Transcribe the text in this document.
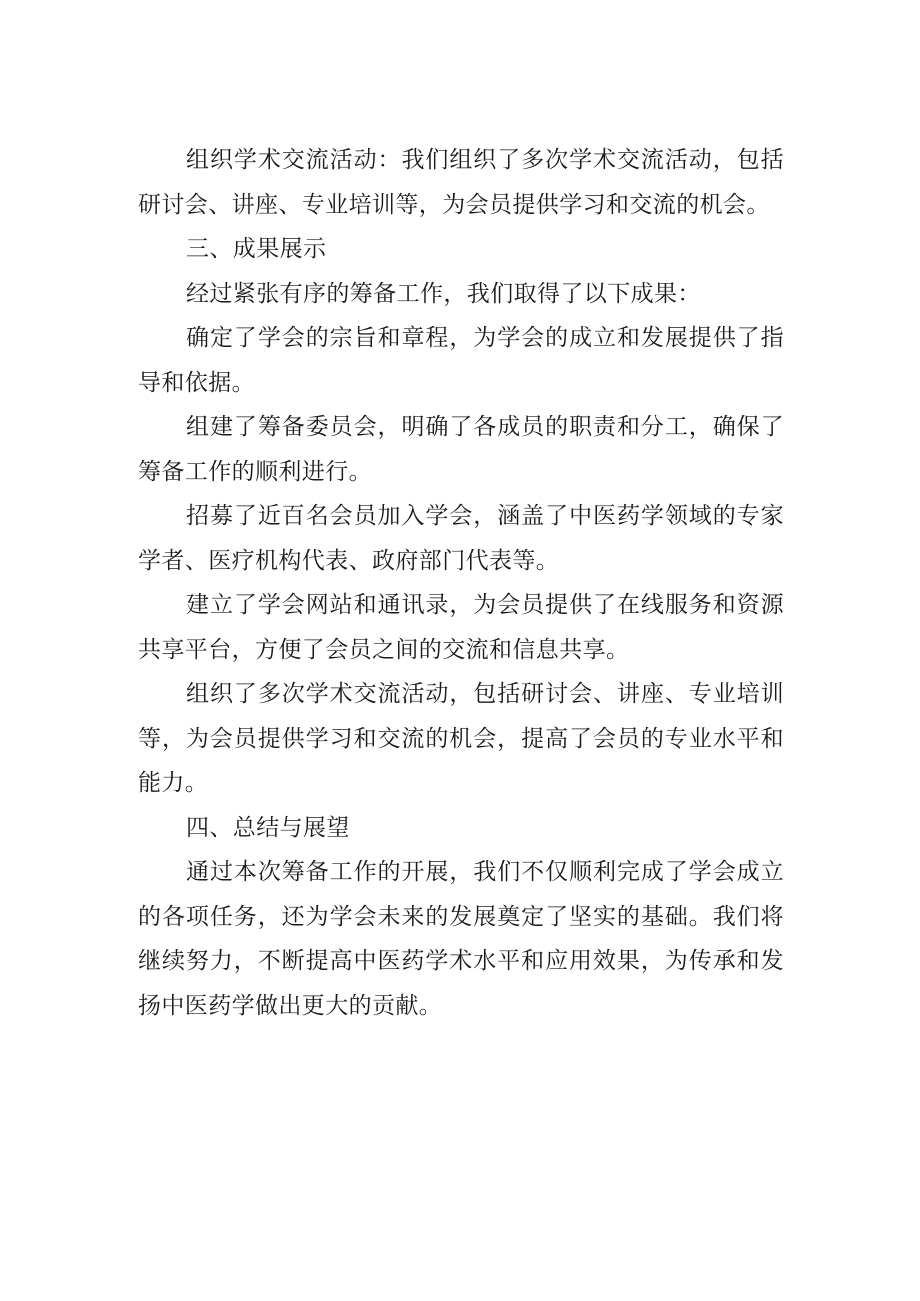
组织学术交流活动：我们组织了多次学术交流活动，包括研讨会、讲座、专业培训等，为会员提供学习和交流的机会。

三、成果展示

经过紧张有序的筹备工作，我们取得了以下成果：

确定了学会的宗旨和章程，为学会的成立和发展提供了指导和依据。

组建了筹备委员会，明确了各成员的职责和分工，确保了筹备工作的顺利进行。

招募了近百名会员加入学会，涵盖了中医药学领域的专家学者、医疗机构代表、政府部门代表等。

建立了学会网站和通讯录，为会员提供了在线服务和资源共享平台，方便了会员之间的交流和信息共享。

组织了多次学术交流活动，包括研讨会、讲座、专业培训等，为会员提供学习和交流的机会，提高了会员的专业水平和能力。

四、总结与展望

通过本次筹备工作的开展，我们不仅顺利完成了学会成立的各项任务，还为学会未来的发展奠定了坚实的基础。我们将继续努力，不断提高中医药学术水平和应用效果，为传承和发扬中医药学做出更大的贡献。
